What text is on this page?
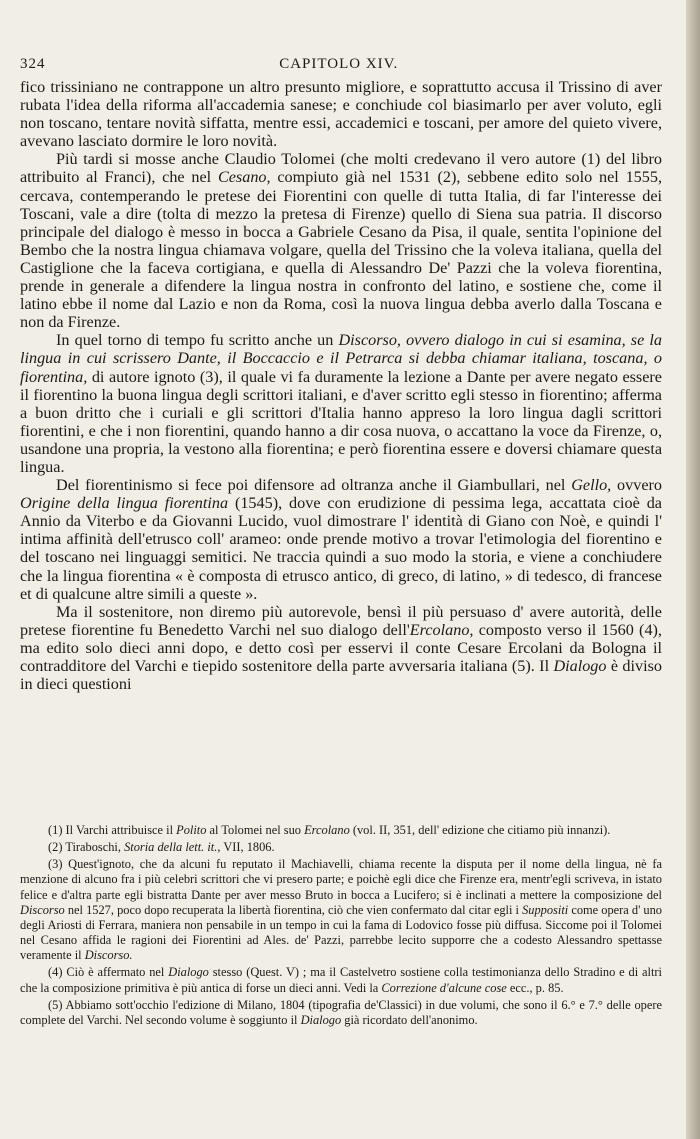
324	CAPITOLO XIV.

fico trissiniano ne contrappone un altro presunto migliore, e soprattutto accusa il Trissino di aver rubata l'idea della riforma all'accademia sanese; e conchiude col biasimarlo per aver voluto, egli non toscano, tentare novità siffatta, mentre essi, accademici e toscani, per amore del quieto vivere, avevano lasciato dormire le loro novità.

Più tardi si mosse anche Claudio Tolomei (che molti credevano il vero autore (1) del libro attribuito al Franci), che nel Cesano, compiuto già nel 1531 (2), sebbene edito solo nel 1555, cercava, contemperando le pretese dei Fiorentini con quelle di tutta Italia, di far l'interesse dei Toscani, vale a dire (tolta di mezzo la pretesa di Firenze) quello di Siena sua patria. Il discorso principale del dialogo è messo in bocca a Gabriele Cesano da Pisa, il quale, sentita l'opinione del Bembo che la nostra lingua chiamava volgare, quella del Trissino che la voleva italiana, quella del Castiglione che la faceva cortigiana, e quella di Alessandro De' Pazzi che la voleva fiorentina, prende in generale a difendere la lingua nostra in confronto del latino, e sostiene che, come il latino ebbe il nome dal Lazio e non da Roma, così la nuova lingua debba averlo dalla Toscana e non da Firenze.

In quel torno di tempo fu scritto anche un Discorso, ovvero dialogo in cui si esamina, se la lingua in cui scrissero Dante, il Boccaccio e il Petrarca si debba chiamar italiana, toscana, o fiorentina, di autore ignoto (3), il quale vi fa duramente la lezione a Dante per avere negato essere il fiorentino la buona lingua degli scrittori italiani, e d'aver scritto egli stesso in fiorentino; afferma a buon dritto che i curiali e gli scrittori d'Italia hanno appreso la loro lingua dagli scrittori fiorentini, e che i non fiorentini, quando hanno a dir cosa nuova, o accattano la voce da Firenze, o, usandone una propria, la vestono alla fiorentina; e però fiorentina essere e doversi chiamare questa lingua.

Del fiorentinismo si fece poi difensore ad oltranza anche il Giambullari, nel Gello, ovvero Origine della lingua fiorentina (1545), dove con erudizione di pessima lega, accattata cioè da Annio da Viterbo e da Giovanni Lucido, vuol dimostrare l' identità di Giano con Noè, e quindi l' intima affinità dell'etrusco coll' arameo: onde prende motivo a trovar l'etimologia del fiorentino e del toscano nei linguaggi semitici. Ne traccia quindi a suo modo la storia, e viene a conchiudere che la lingua fiorentina « è composta di etrusco antico, di greco, di latino, » di tedesco, di francese et di qualcune altre simili a queste ».

Ma il sostenitore, non diremo più autorevole, bensì il più persuaso d' avere autorità, delle pretese fiorentine fu Benedetto Varchi nel suo dialogo dell'Ercolano, composto verso il 1560 (4), ma edito solo dieci anni dopo, e detto così per esservi il conte Cesare Ercolani da Bologna il contradditore del Varchi e tiepido sostenitore della parte avversaria italiana (5). Il Dialogo è diviso in dieci questioni

(1) Il Varchi attribuisce il Polito al Tolomei nel suo Ercolano (vol. II, 351, dell' edizione che citiamo più innanzi).

(2) Tiraboschi, Storia della lett. it., VII, 1806.

(3) Quest'ignoto, che da alcuni fu reputato il Machiavelli, chiama recente la disputa per il nome della lingua, nè fa menzione di alcuno fra i più celebri scrittori che vi presero parte; e poichè egli dice che Firenze era, mentr'egli scriveva, in istato felice e d'altra parte egli bistratta Dante per aver messo Bruto in bocca a Lucifero; si è inclinati a mettere la composizione del Discorso nel 1527, poco dopo recuperata la libertà fiorentina, ciò che vien confermato dal citar egli i Suppositi come opera d' uno degli Ariosti di Ferrara, maniera non pensabile in un tempo in cui la fama di Lodovico fosse più diffusa. Siccome poi il Tolomei nel Cesano affida le ragioni dei Fiorentini ad Ales. de' Pazzi, parrebbe lecito supporre che a codesto Alessandro spettasse veramente il Discorso.

(4) Ciò è affermato nel Dialogo stesso (Quest. V) ; ma il Castelvetro sostiene colla testimonianza dello Stradino e di altri che la composizione primitiva è più antica di forse un dieci anni. Vedi la Correzione d'alcune cose ecc., p. 85.

(5) Abbiamo sott'occhio l'edizione di Milano, 1804 (tipografia de'Classici) in due volumi, che sono il 6.° e 7.° delle opere complete del Varchi. Nel secondo volume è soggiunto il Dialogo già ricordato dell'anonimo.
